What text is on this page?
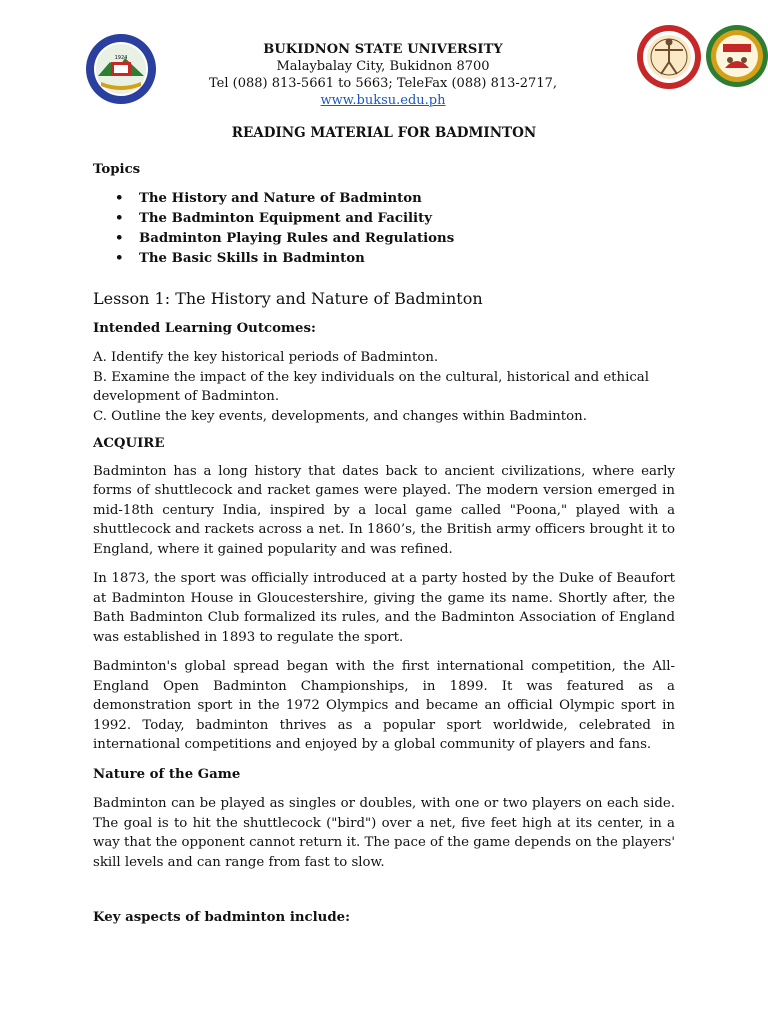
1924
BUKIDNON STATE UNIVERSITY
Malaybalay City, Bukidnon 8700
Tel (088) 813-5661 to 5663; TeleFax (088) 813-2717, www.buksu.edu.ph
READING MATERIAL FOR BADMINTON
Topics
• The History and Nature of Badminton
• The Badminton Equipment and Facility
• Badminton Playing Rules and Regulations
• The Basic Skills in Badminton
Lesson 1: The History and Nature of Badminton
Intended Learning Outcomes:
A. Identify the key historical periods of Badminton.
B. Examine the impact of the key individuals on the cultural, historical and ethical development of Badminton.
C. Outline the key events, developments, and changes within Badminton.
ACQUIRE

Badminton has a long history that dates back to ancient civilizations, where early forms of shuttlecock and racket games were played. The modern version emerged in mid-18th century India, inspired by a local game called "Poona," played with a shuttlecock and rackets across a net. In 1860’s, the British army officers brought it to England, where it gained popularity and was refined.

In 1873, the sport was officially introduced at a party hosted by the Duke of Beaufort at Badminton House in Gloucestershire, giving the game its name. Shortly after, the Bath Badminton Club formalized its rules, and the Badminton Association of England was established in 1893 to regulate the sport.

Badminton's global spread began with the first international competition, the All-England Open Badminton Championships, in 1899. It was featured as a demonstration sport in the 1972 Olympics and became an official Olympic sport in 1992. Today, badminton thrives as a popular sport worldwide, celebrated in international competitions and enjoyed by a global community of players and fans.

Nature of the Game

Badminton can be played as singles or doubles, with one or two players on each side. The goal is to hit the shuttlecock ("bird") over a net, five feet high at its center, in a way that the opponent cannot return it. The pace of the game depends on the players' skill levels and can range from fast to slow.

Key aspects of badminton include:
